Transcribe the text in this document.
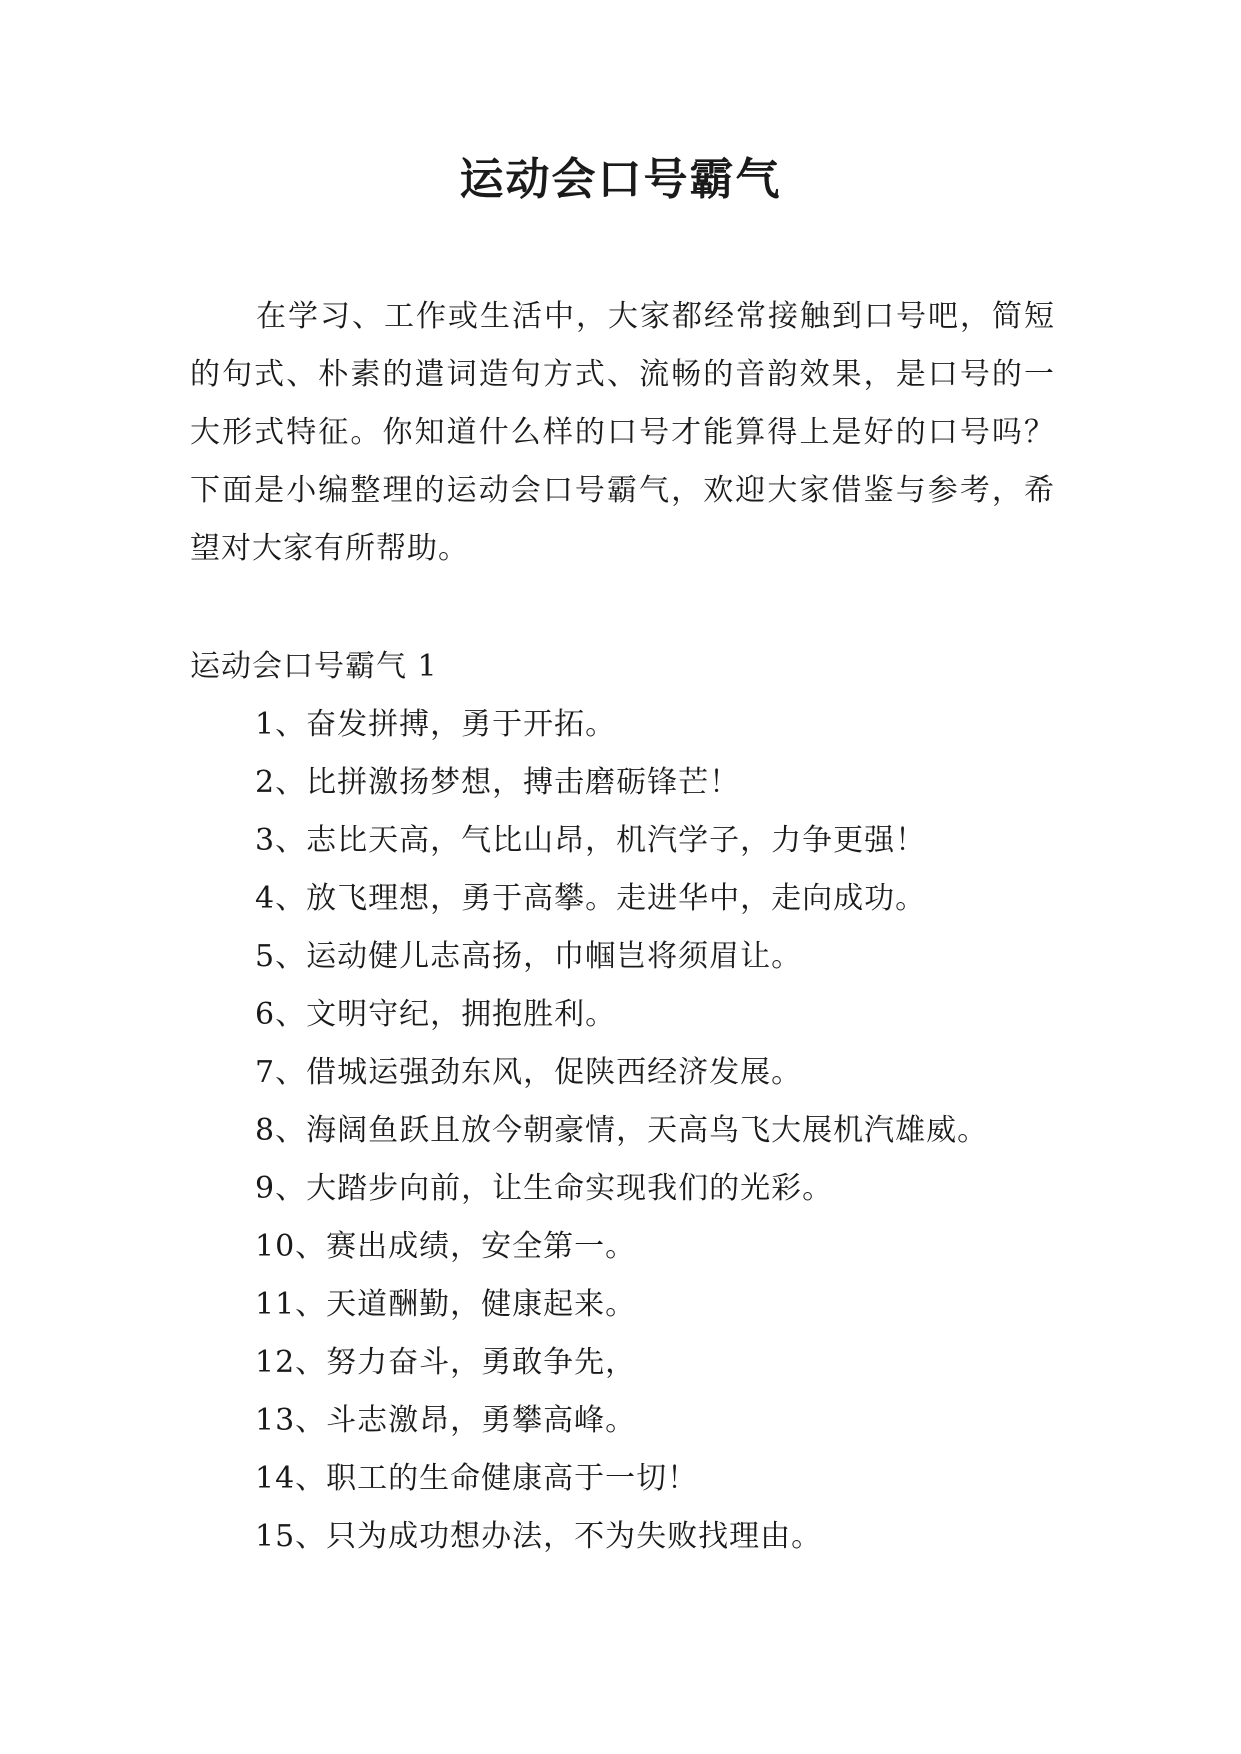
运动会口号霸气

在学习、工作或生活中，大家都经常接触到口号吧，简短的句式、朴素的遣词造句方式、流畅的音韵效果，是口号的一大形式特征。你知道什么样的口号才能算得上是好的口号吗？下面是小编整理的运动会口号霸气，欢迎大家借鉴与参考，希望对大家有所帮助。

运动会口号霸气 1

1、奋发拼搏，勇于开拓。
2、比拼激扬梦想，搏击磨砺锋芒！
3、志比天高，气比山昂，机汽学子，力争更强！
4、放飞理想，勇于高攀。走进华中，走向成功。
5、运动健儿志高扬，巾帼岂将须眉让。
6、文明守纪，拥抱胜利。
7、借城运强劲东风，促陕西经济发展。
8、海阔鱼跃且放今朝豪情，天高鸟飞大展机汽雄威。
9、大踏步向前，让生命实现我们的光彩。
10、赛出成绩，安全第一。
11、天道酬勤，健康起来。
12、努力奋斗，勇敢争先，
13、斗志激昂，勇攀高峰。
14、职工的生命健康高于一切！
15、只为成功想办法，不为失败找理由。
